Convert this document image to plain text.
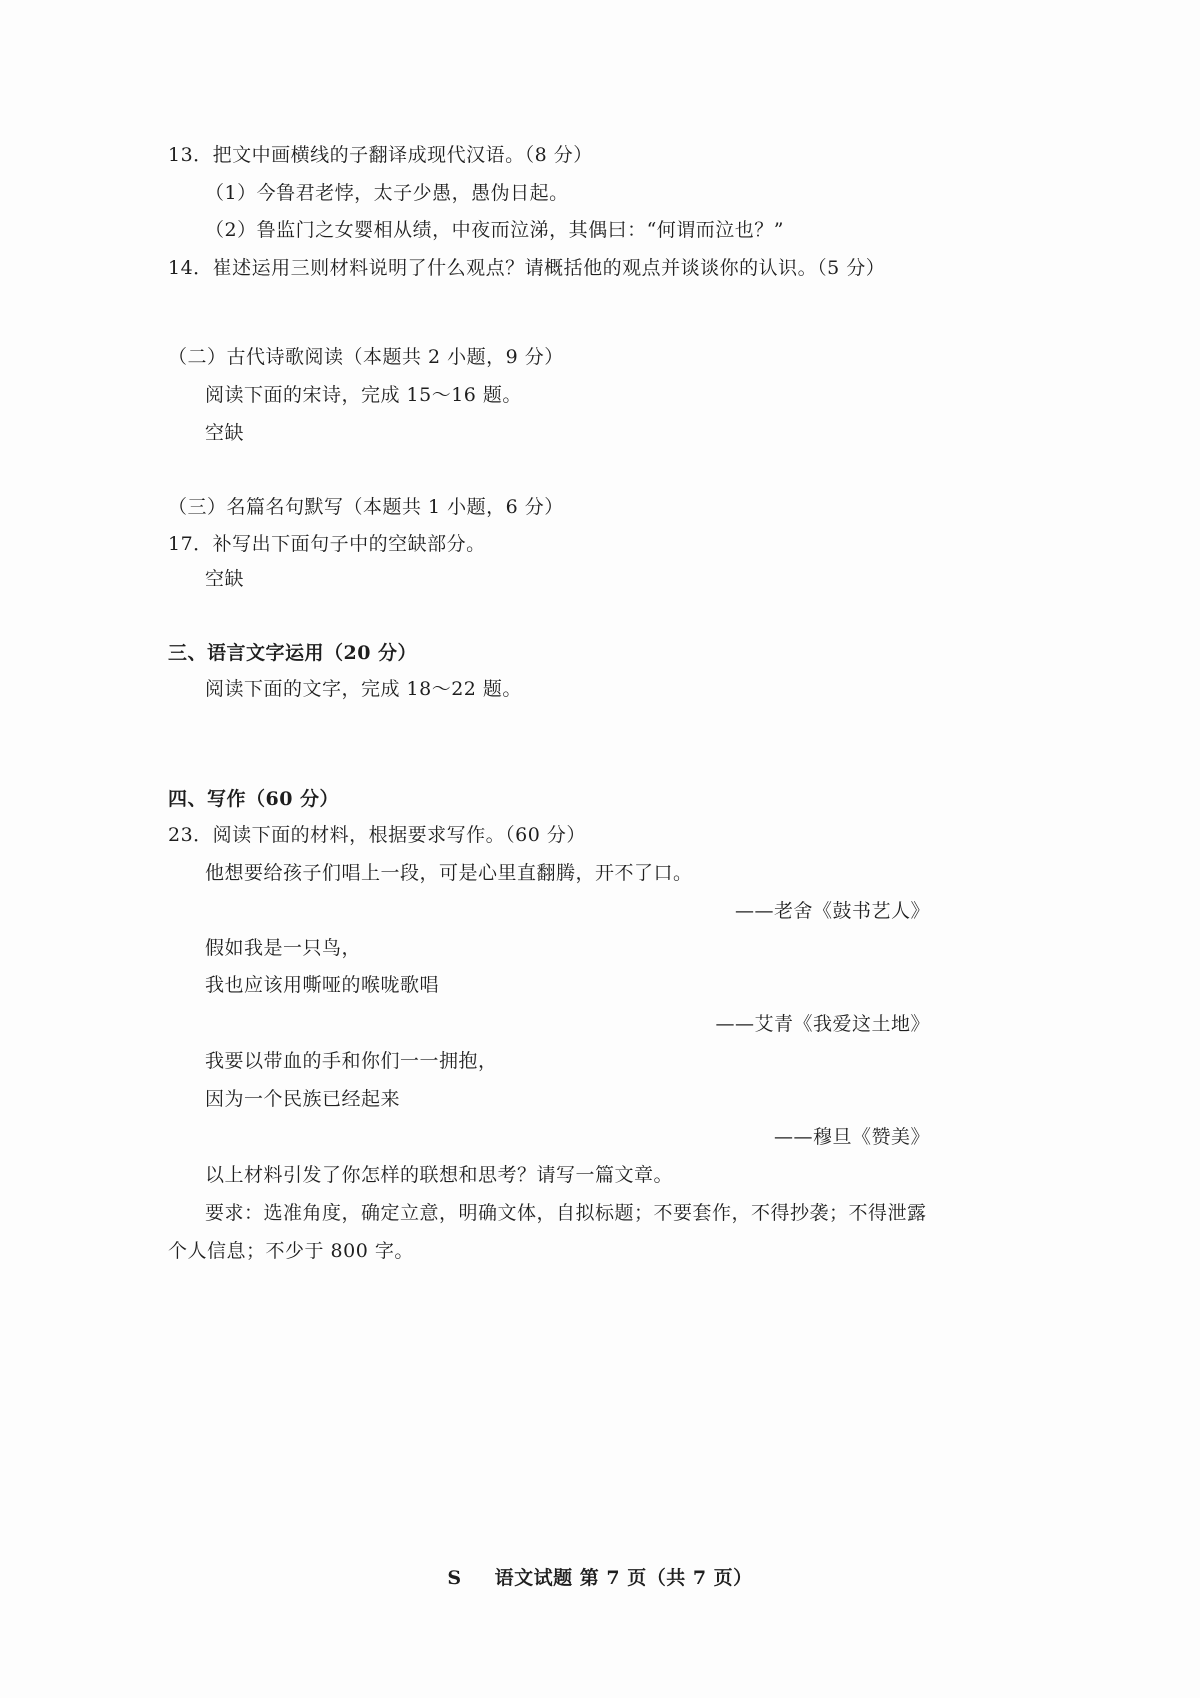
13．把文中画横线的子翻译成现代汉语。（8 分）
（1）今鲁君老悖，太子少愚，愚伪日起。
（2）鲁监门之女婴相从绩，中夜而泣涕，其偶曰：“何谓而泣也？”
14．崔述运用三则材料说明了什么观点？请概括他的观点并谈谈你的认识。（5 分）
（二）古代诗歌阅读（本题共 2 小题，9 分）
阅读下面的宋诗，完成 15～16 题。
空缺
（三）名篇名句默写（本题共 1 小题，6 分）
17．补写出下面句子中的空缺部分。
空缺
三、语言文字运用（20 分）
阅读下面的文字，完成 18～22 题。
四、写作（60 分）
23．阅读下面的材料，根据要求写作。（60 分）
他想要给孩子们唱上一段，可是心里直翻腾，开不了口。
——老舍《鼓书艺人》
假如我是一只鸟，
我也应该用嘶哑的喉咙歌唱
——艾青《我爱这土地》
我要以带血的手和你们一一拥抱，
因为一个民族已经起来
——穆旦《赞美》
以上材料引发了你怎样的联想和思考？请写一篇文章。
要求：选准角度，确定立意，明确文体，自拟标题；不要套作，不得抄袭；不得泄露
个人信息；不少于 800 字。
S 语文试题 第 7 页（共 7 页）
